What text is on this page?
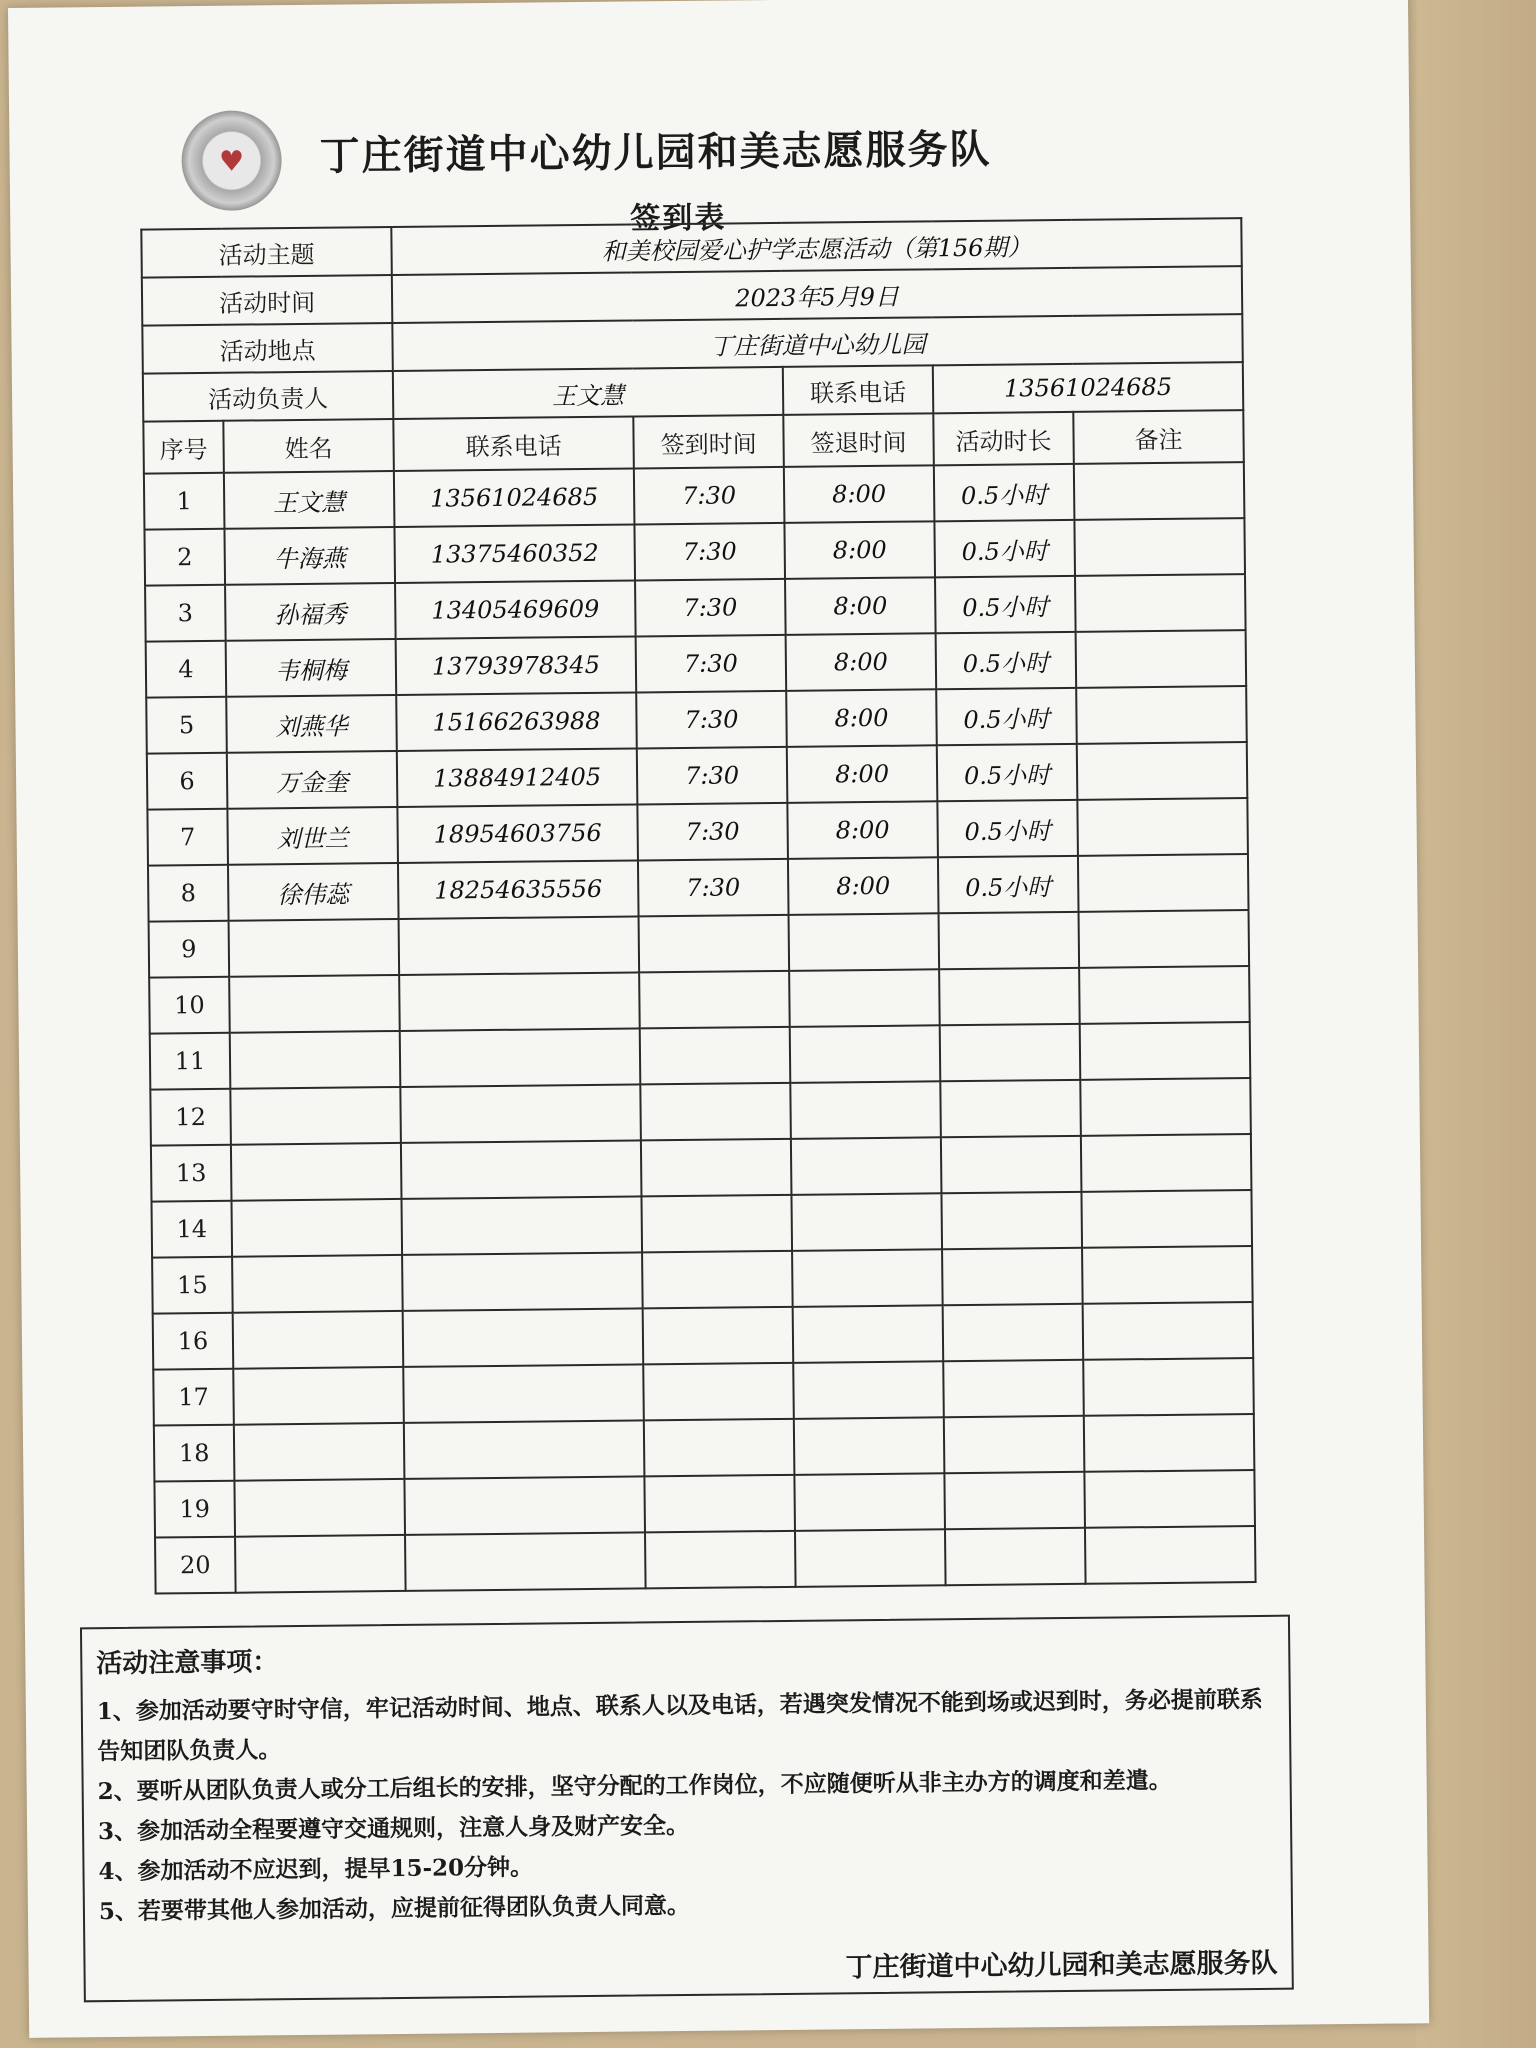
♥ 丁庄街道中心幼儿园和美志愿服务队
签到表
活动主题		和美校园爱心护学志愿活动（第156期）				
活动时间		2023年5月9日				
活动地点		丁庄街道中心幼儿园				
活动负责人		王文慧		联系电话	13561024685	
序号	姓名	联系电话	签到时间	签退时间	活动时长	备注
1	王文慧	13561024685	7:30	8:00	0.5小时	
2	牛海燕	13375460352	7:30	8:00	0.5小时	
3	孙福秀	13405469609	7:30	8:00	0.5小时	
4	韦桐梅	13793978345	7:30	8:00	0.5小时	
5	刘燕华	15166263988	7:30	8:00	0.5小时	
6	万金奎	13884912405	7:30	8:00	0.5小时	
7	刘世兰	18954603756	7:30	8:00	0.5小时	
8	徐伟蕊	18254635556	7:30	8:00	0.5小时	
9						
10						
11						
12						
13						
14						
15						
16						
17						
18						
19						
20						
活动注意事项：
1、参加活动要守时守信，牢记活动时间、地点、联系人以及电话，若遇突发情况不能到场或迟到时，务必提前联系告知团队负责人。
2、要听从团队负责人或分工后组长的安排，坚守分配的工作岗位，不应随便听从非主办方的调度和差遣。
3、参加活动全程要遵守交通规则，注意人身及财产安全。
4、参加活动不应迟到，提早15-20分钟。
5、若要带其他人参加活动，应提前征得团队负责人同意。
丁庄街道中心幼儿园和美志愿服务队
